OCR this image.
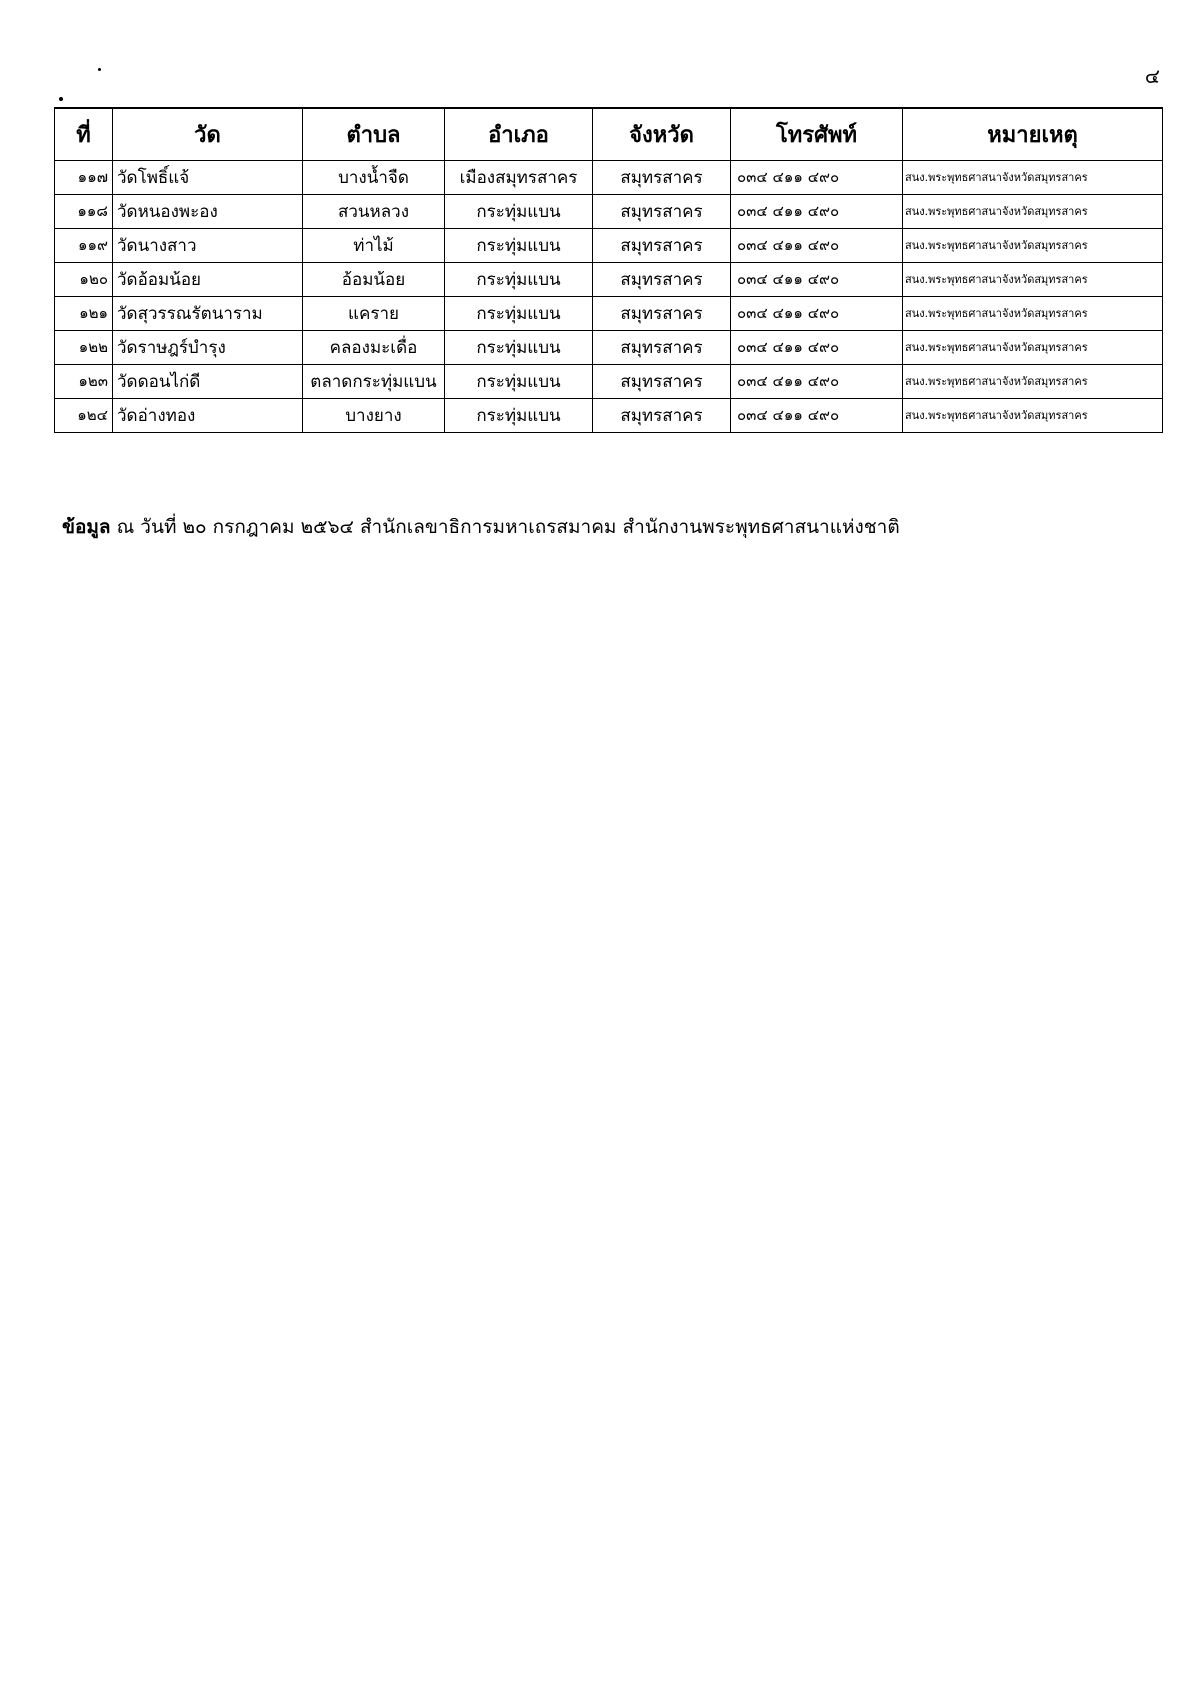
๔
ที่	วัด	ตำบล	อำเภอ	จังหวัด	โทรศัพท์	หมายเหตุ
๑๑๗	วัดโพธิ์แจ้	บางน้ำจืด	เมืองสมุทรสาคร	สมุทรสาคร	๐๓๔ ๔๑๑ ๔๙๐	สนง.พระพุทธศาสนาจังหวัดสมุทรสาคร
๑๑๘	วัดหนองพะอง	สวนหลวง	กระทุ่มแบน	สมุทรสาคร	๐๓๔ ๔๑๑ ๔๙๐	สนง.พระพุทธศาสนาจังหวัดสมุทรสาคร
๑๑๙	วัดนางสาว	ท่าไม้	กระทุ่มแบน	สมุทรสาคร	๐๓๔ ๔๑๑ ๔๙๐	สนง.พระพุทธศาสนาจังหวัดสมุทรสาคร
๑๒๐	วัดอ้อมน้อย	อ้อมน้อย	กระทุ่มแบน	สมุทรสาคร	๐๓๔ ๔๑๑ ๔๙๐	สนง.พระพุทธศาสนาจังหวัดสมุทรสาคร
๑๒๑	วัดสุวรรณรัตนาราม	แคราย	กระทุ่มแบน	สมุทรสาคร	๐๓๔ ๔๑๑ ๔๙๐	สนง.พระพุทธศาสนาจังหวัดสมุทรสาคร
๑๒๒	วัดราษฎร์บำรุง	คลองมะเดื่อ	กระทุ่มแบน	สมุทรสาคร	๐๓๔ ๔๑๑ ๔๙๐	สนง.พระพุทธศาสนาจังหวัดสมุทรสาคร
๑๒๓	วัดดอนไก่ดี	ตลาดกระทุ่มแบน	กระทุ่มแบน	สมุทรสาคร	๐๓๔ ๔๑๑ ๔๙๐	สนง.พระพุทธศาสนาจังหวัดสมุทรสาคร
๑๒๔	วัดอ่างทอง	บางยาง	กระทุ่มแบน	สมุทรสาคร	๐๓๔ ๔๑๑ ๔๙๐	สนง.พระพุทธศาสนาจังหวัดสมุทรสาคร
ข้อมูล ณ วันที่ ๒๐ กรกฎาคม ๒๕๖๔ สำนักเลขาธิการมหาเถรสมาคม สำนักงานพระพุทธศาสนาแห่งชาติ
